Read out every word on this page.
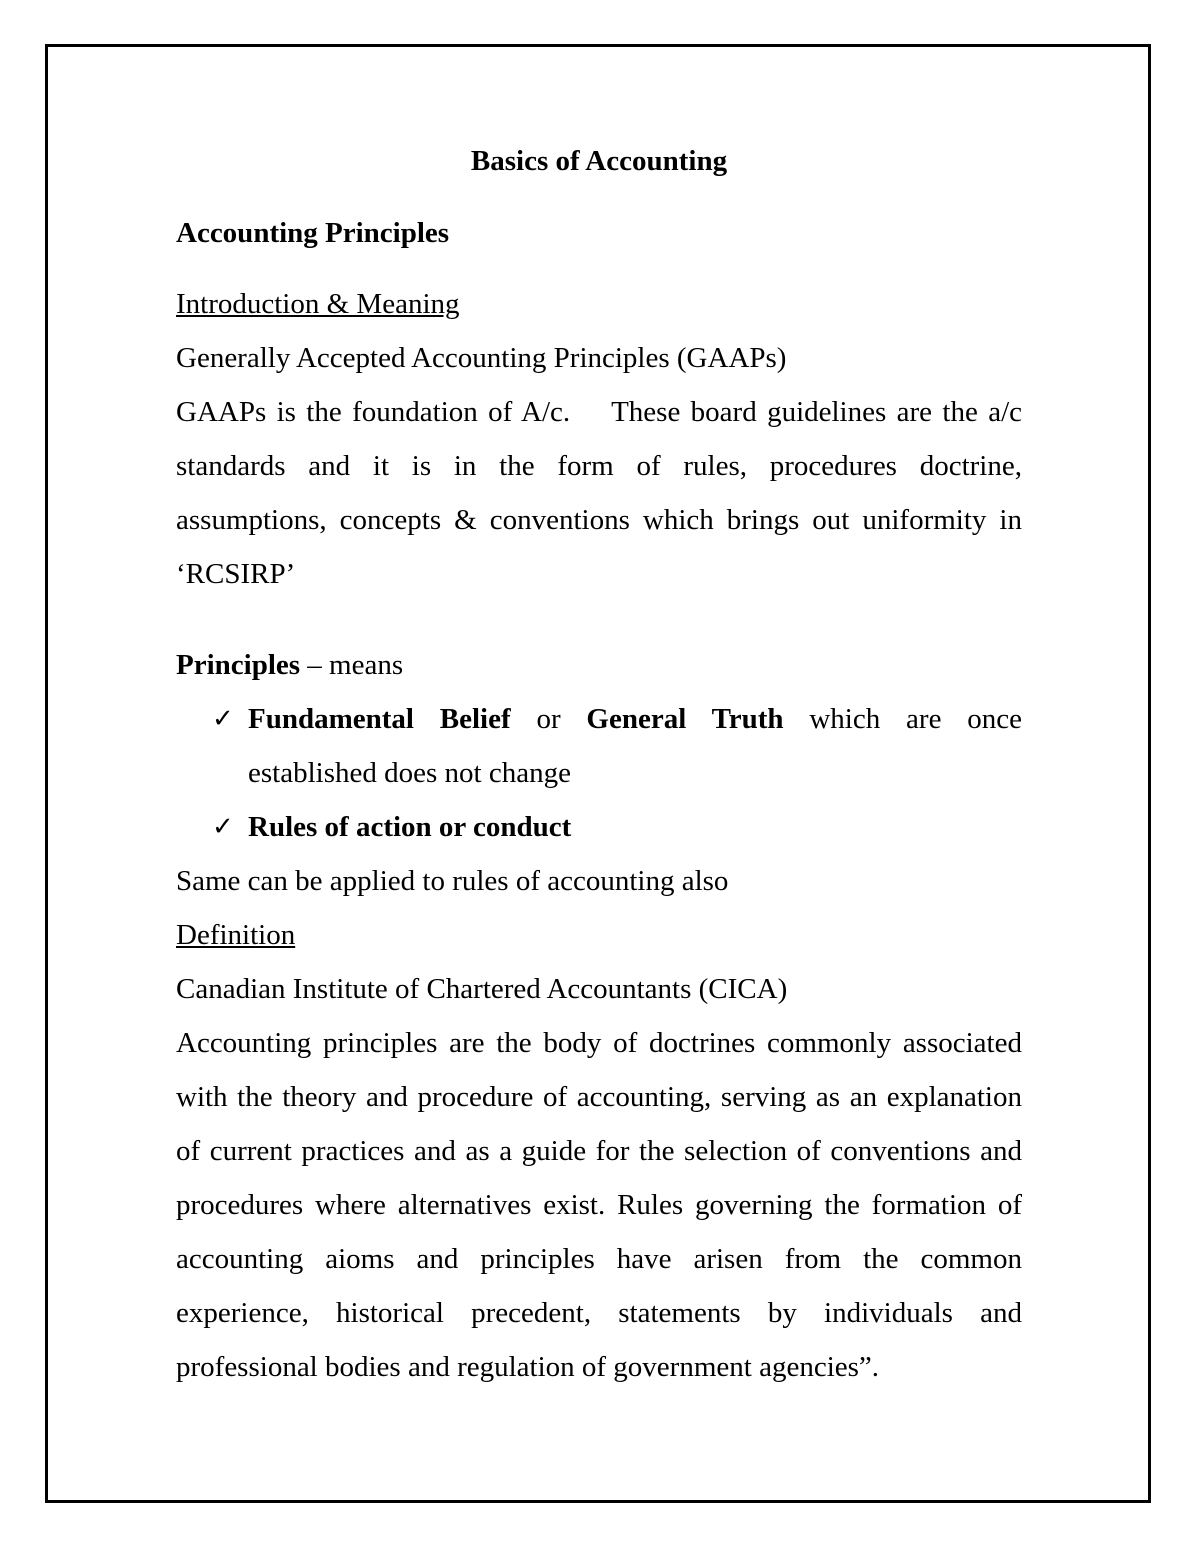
Basics of Accounting
Accounting Principles
Introduction & Meaning
Generally Accepted Accounting Principles (GAAPs)
GAAPs is the foundation of A/c.    These board guidelines are the a/c standards and it is in the form of rules, procedures doctrine, assumptions, concepts & conventions which brings out uniformity in ‘RCSIRP’
Principles – means
✓ Fundamental Belief or General Truth which are once established does not change
✓ Rules of action or conduct
Same can be applied to rules of accounting also
Definition
Canadian Institute of Chartered Accountants (CICA)
Accounting principles are the body of doctrines commonly associated with the theory and procedure of accounting, serving as an explanation of current practices and as a guide for the selection of conventions and procedures where alternatives exist. Rules governing the formation of accounting aioms and principles have arisen from the common experience, historical precedent, statements by individuals and professional bodies and regulation of government agencies”.
